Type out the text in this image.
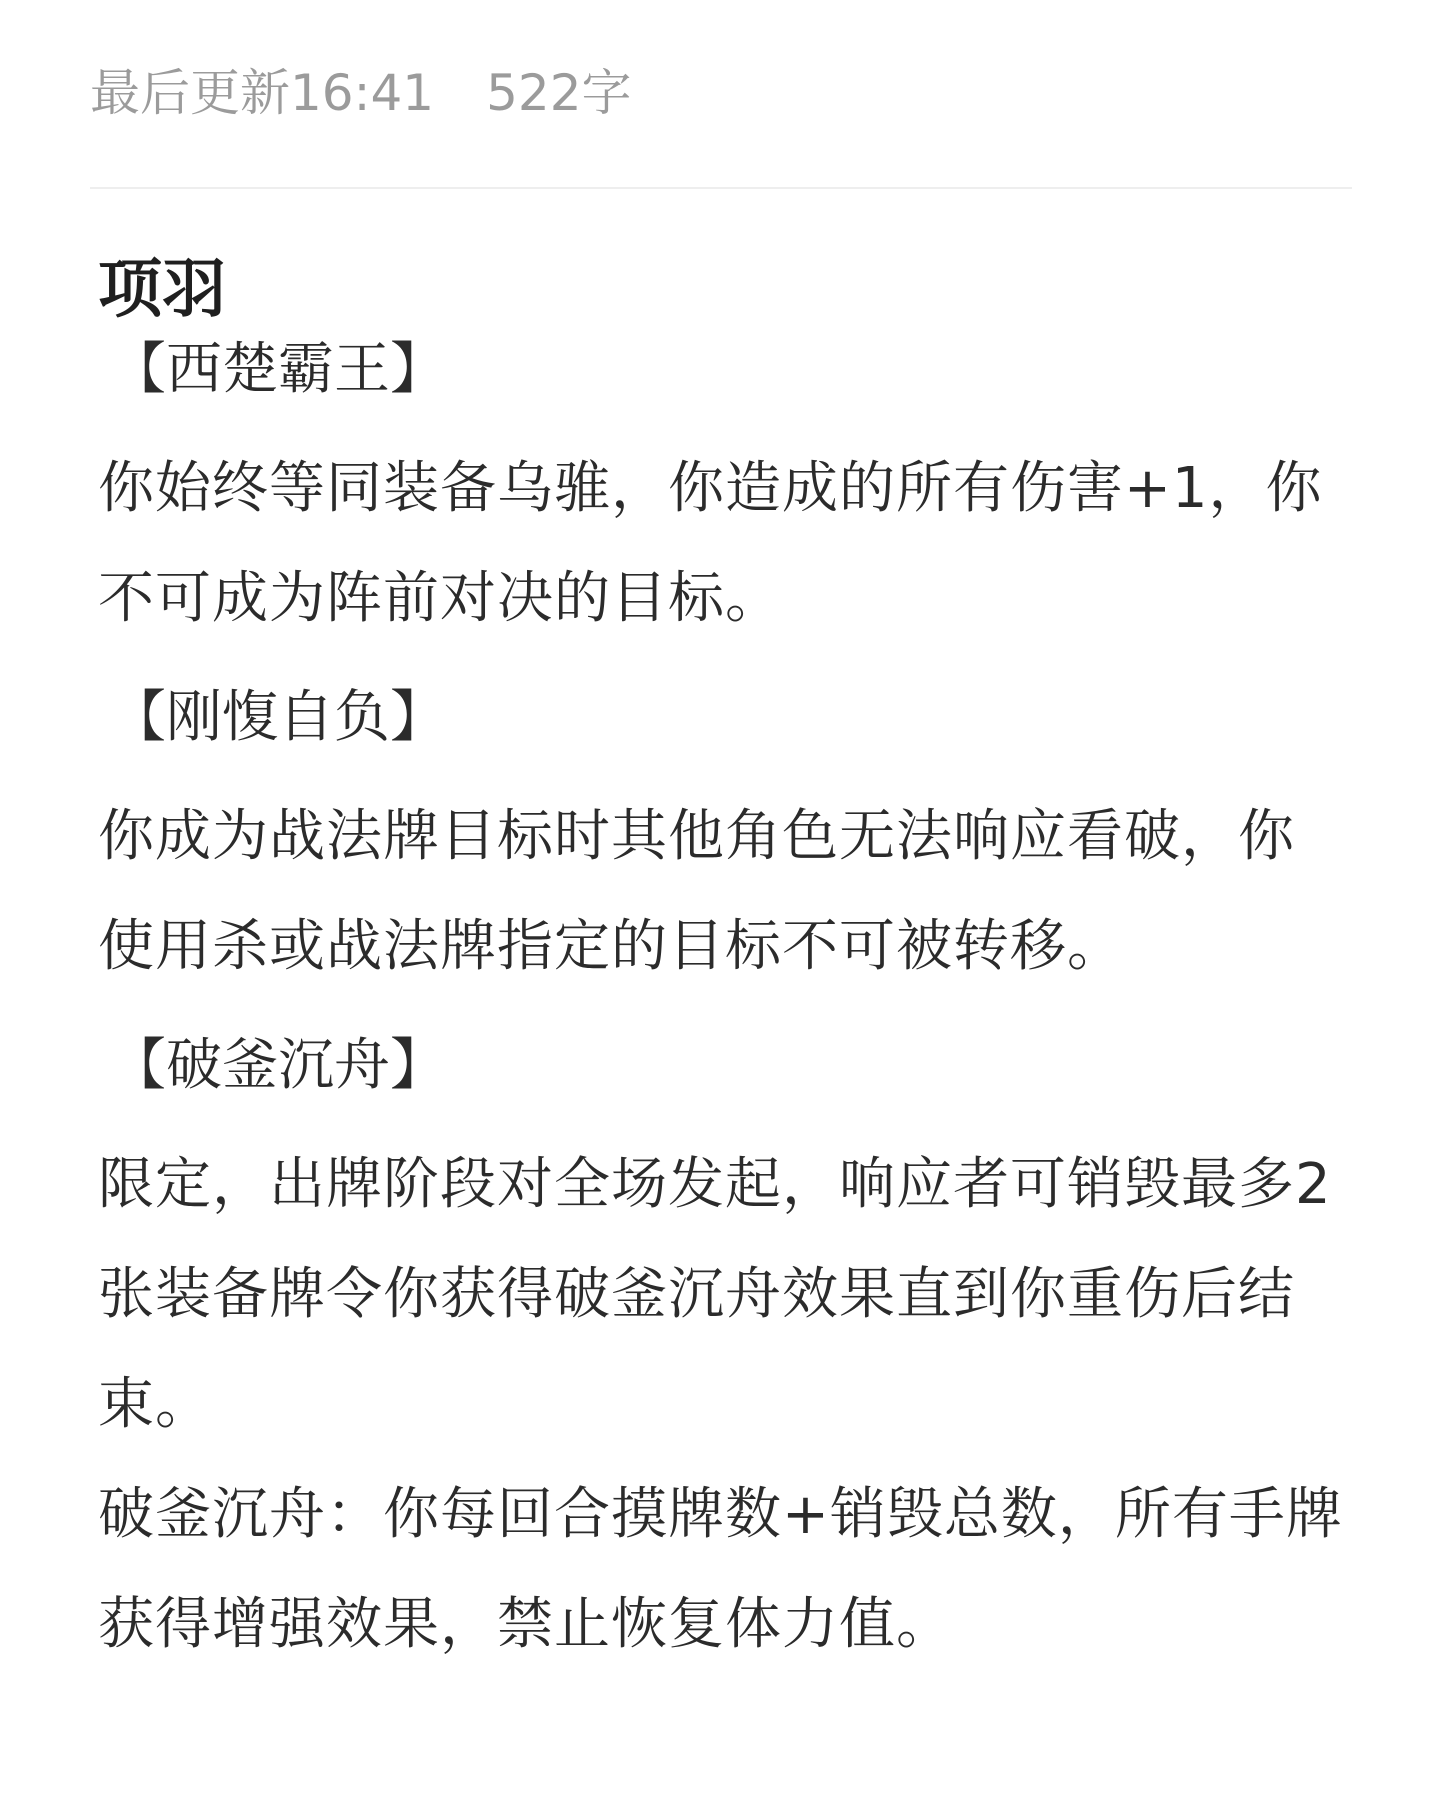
最后更新16:41 522字
项羽

【西楚霸王】

你始终等同装备乌骓，你造成的所有伤害+1，你不可成为阵前对决的目标。

【刚愎自负】

你成为战法牌目标时其他角色无法响应看破，你使用杀或战法牌指定的目标不可被转移。

【破釜沉舟】

限定，出牌阶段对全场发起，响应者可销毁最多2张装备牌令你获得破釜沉舟效果直到你重伤后结束。

破釜沉舟：你每回合摸牌数+销毁总数，所有手牌获得增强效果，禁止恢复体力值。
